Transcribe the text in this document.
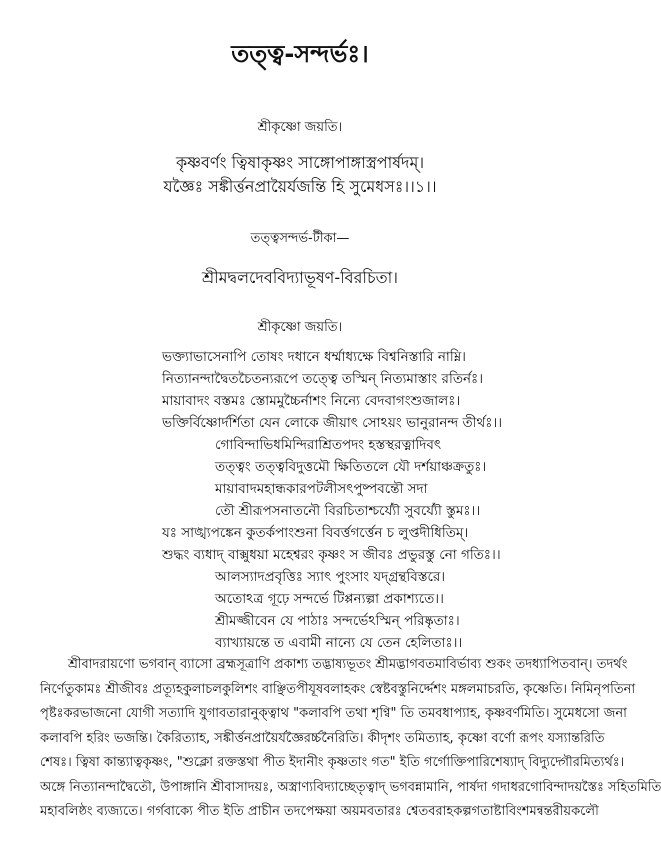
তত্ত্ব-সন্দর্ভঃ।
শ্রীকৃষ্ণো জয়তি।
কৃষ্ণবর্ণং ত্বিষাকৃষ্ণং সাঙ্গোপাঙ্গাস্ত্রপার্ষদম্।
যজ্ঞৈঃ সঙ্কীর্ত্তনপ্রায়ৈর্যজন্তি হি সুমেধসঃ।।১।।
তত্ত্বসন্দর্ভ-টীকা—
শ্রীমদ্বলদেববিদ্যাভূষণ-বিরচিতা।
শ্রীকৃষ্ণো জয়তি।
ভক্ত্যাভাসেনাপি তোষং দধানে ধর্ম্মাধ্যক্ষে বিশ্বনিস্তারি নাম্নি।
নিত্যানন্দাদ্বৈতচৈতন্যরূপে তত্ত্বে তস্মিন্ নিত্যমাস্তাং রতির্নঃ।
মায়াবাদং বস্তমঃ স্তোমমুচ্চৈর্নাশং নিন্যে বেদবাগংশুজালঃ।
ভক্তির্বিষ্ণোর্দর্শিতা যেন লোকে জীয়াৎ সোঽয়ং ভানুরানন্দ তীর্থঃ।।
গোবিন্দাভিধমিন্দিরাশ্রিতপদং হস্তস্থরত্নাদিবৎ
তত্ত্বং তত্ত্ববিদুত্তমৌ ক্ষিতিতলে যৌ দর্শয়াঞ্চক্রতুঃ।
মায়াবাদমহান্ধকারপটলীসৎপুষ্পবন্তৌ সদা
তৌ শ্রীরূপসনাতনৌ বিরচিতাশ্চর্য্যৌ সুবর্য্যৌ স্তুমঃ।।
যঃ সাঙ্খ্যপঙ্কেন কুতর্কপাংশুনা বিবর্ত্তগর্ত্তেন চ লুপ্তদীধিতিম্।
শুদ্ধং ব্যধাদ্ বাক্সুধয়া মহেশ্বরং কৃষ্ণং স জীবঃ প্রভুরস্তু নো গতিঃ।।
আলস্যাদপ্রবৃত্তিঃ স্যাৎ পুংসাং যদ্গ্রন্থবিস্তরে।
অতোঽত্র গূঢ়ে সন্দর্ভে টিপ্পন্যল্পা প্রকাশ্যতে।।
শ্রীমজ্জীবেন যে পাঠাঃ সন্দর্ভেঽস্মিন্ পরিষ্কৃতাঃ।
ব্যাখ্যায়ন্তে ত এবামী নান্যে যে তেন হেলিতাঃ।।
শ্রীবাদরায়ণো ভগবান্ ব্যাসো ব্রহ্মসূত্রাণি প্রকাশ্য তদ্ভাষ্যভূতং শ্রীমদ্ভাগবতমাবির্ভাব্য শুকং তদধ্যাপিতবান্। তদর্থং
নির্ণেতুকামঃ শ্রীজীবঃ প্রত্যূহকুলাচলকুলিশং বাঞ্ছিতপীযূষবলাহকং স্বেষ্টবস্তুনির্দ্দেশং মঙ্গলমাচরতি, কৃষ্ণেতি। নিমিনৃপতিনা
পৃষ্টঃকরভাজনো যোগী সত্যাদি যুগাবতারানুক্ত্বাথ "কলাবপি তথা শৃণ্বি" তি তমবধাপ্যাহ, কৃষ্ণবর্ণমিতি। সুমেধসো জনা
কলাবপি হরিং ভজন্তি। কৈরিত্যাহ, সঙ্কীর্ত্তনপ্রায়ৈর্যজ্ঞৈরর্চ্চনৈরিতি। কীদৃশং তমিত্যাহ, কৃষ্ণো বর্ণো রূপং যস্যান্তরিতি
শেষঃ। ত্বিষা কান্ত্যাত্বকৃষ্ণং, "শুক্লো রক্তস্তথা পীত ইদানীং কৃষ্ণতাং গত" ইতি গর্গোক্তিপারিশেষ্যাদ্ বিদ্যুদ্গৌরমিত্যর্থঃ।
অঙ্গে নিত্যানন্দাদ্বৈতৌ, উপাঙ্গানি শ্রীবাসাদয়ঃ, অস্ত্রাণ্যবিদ্যাচ্ছেতৃত্বাদ্ ভগবন্নামানি, পার্ষদা গদাধরগোবিন্দাদয়স্তৈঃ সহিতমিতি
মহাবলিষ্ঠং ব্যজ্যতে। গর্গবাক্যে পীত ইতি প্রাচীন তদপেক্ষয়া অয়মবতারঃ শ্বেতবরাহকল্পগতাষ্টাবিংশমন্বন্তরীয়কলৌ
